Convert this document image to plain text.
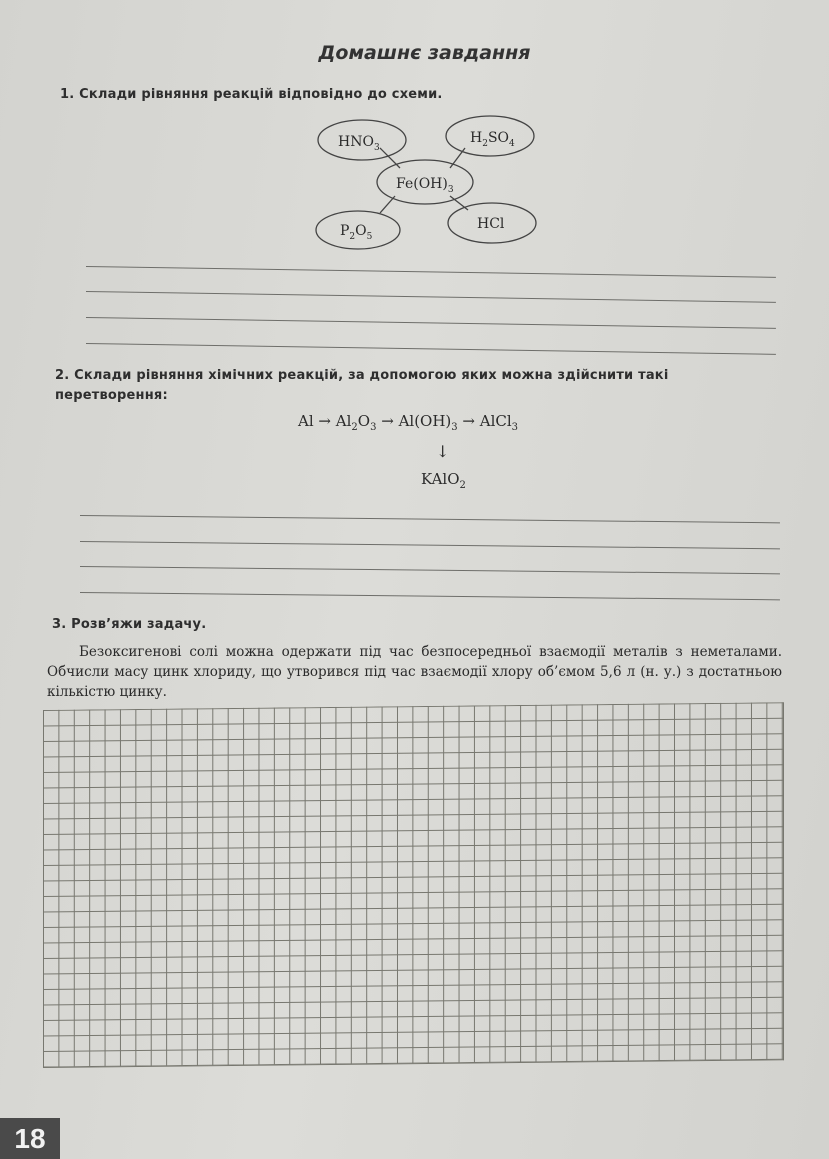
Домашнє завдання
1. Склади рівняння реакцій відповідно до схеми.
$HNO_3$
$H_2SO_4$
$Fe(OH)_3$
$P_2O_5$
HCl
2. Склади рівняння хімічних реакцій, за допомогою яких можна здійснити такі перетворення:
$Al \to Al_2O_3 \to Al(OH)_3$ → AlCl$_3$
↓
KAlO$_2$
3. Розв’яжи задачу.
Безоксигенові солі можна одержати під час безпосередньої взаємодії металів з неметалами. Обчисли масу цинк хлориду, що утворився під час взаємодії хлору об’ємом 5,6 л (н. у.) з достатньою кількістю цинку.
18
